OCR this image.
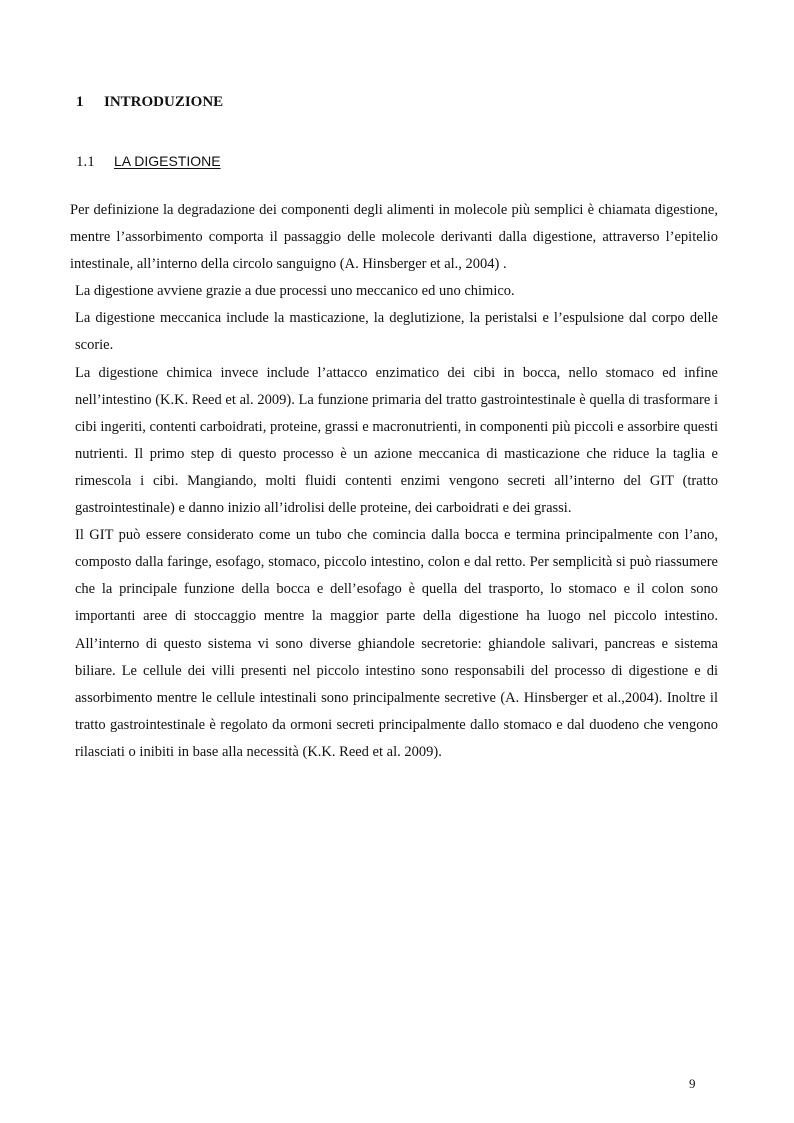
1 INTRODUZIONE
1.1 LA DIGESTIONE

Per definizione la degradazione dei componenti degli alimenti in molecole più semplici è chiamata digestione, mentre l’assorbimento comporta il passaggio delle molecole derivanti dalla digestione, attraverso l’epitelio intestinale, all’interno della circolo sanguigno (A. Hinsberger et al., 2004) .

La digestione avviene grazie a due processi uno meccanico ed uno chimico.

La digestione meccanica include la masticazione, la deglutizione, la peristalsi e l’espulsione dal corpo delle scorie.

La digestione chimica invece include l’attacco enzimatico dei cibi in bocca, nello stomaco ed infine nell’intestino (K.K. Reed et al. 2009). La funzione primaria del tratto gastrointestinale è quella di trasformare i cibi ingeriti, contenti carboidrati, proteine, grassi e macronutrienti, in componenti più piccoli e assorbire questi nutrienti. Il primo step di questo processo è un azione meccanica di masticazione che riduce la taglia e rimescola i cibi. Mangiando, molti fluidi contenti enzimi vengono secreti all’interno del GIT (tratto gastrointestinale) e danno inizio all’idrolisi delle proteine, dei carboidrati e dei grassi.

Il GIT può essere considerato come un tubo che comincia dalla bocca e termina principalmente con l’ano, composto dalla faringe, esofago, stomaco, piccolo intestino, colon e dal retto. Per semplicità si può riassumere che la principale funzione della bocca e dell’esofago è quella del trasporto, lo stomaco e il colon sono importanti aree di stoccaggio mentre la maggior parte della digestione ha luogo nel piccolo intestino. All’interno di questo sistema vi sono diverse ghiandole secretorie: ghiandole salivari, pancreas e sistema biliare. Le cellule dei villi presenti nel piccolo intestino sono responsabili del processo di digestione e di assorbimento mentre le cellule intestinali sono principalmente secretive (A. Hinsberger et al.,2004). Inoltre il tratto gastrointestinale è regolato da ormoni secreti principalmente dallo stomaco e dal duodeno che vengono rilasciati o inibiti in base alla necessità (K.K. Reed et al. 2009).

9
